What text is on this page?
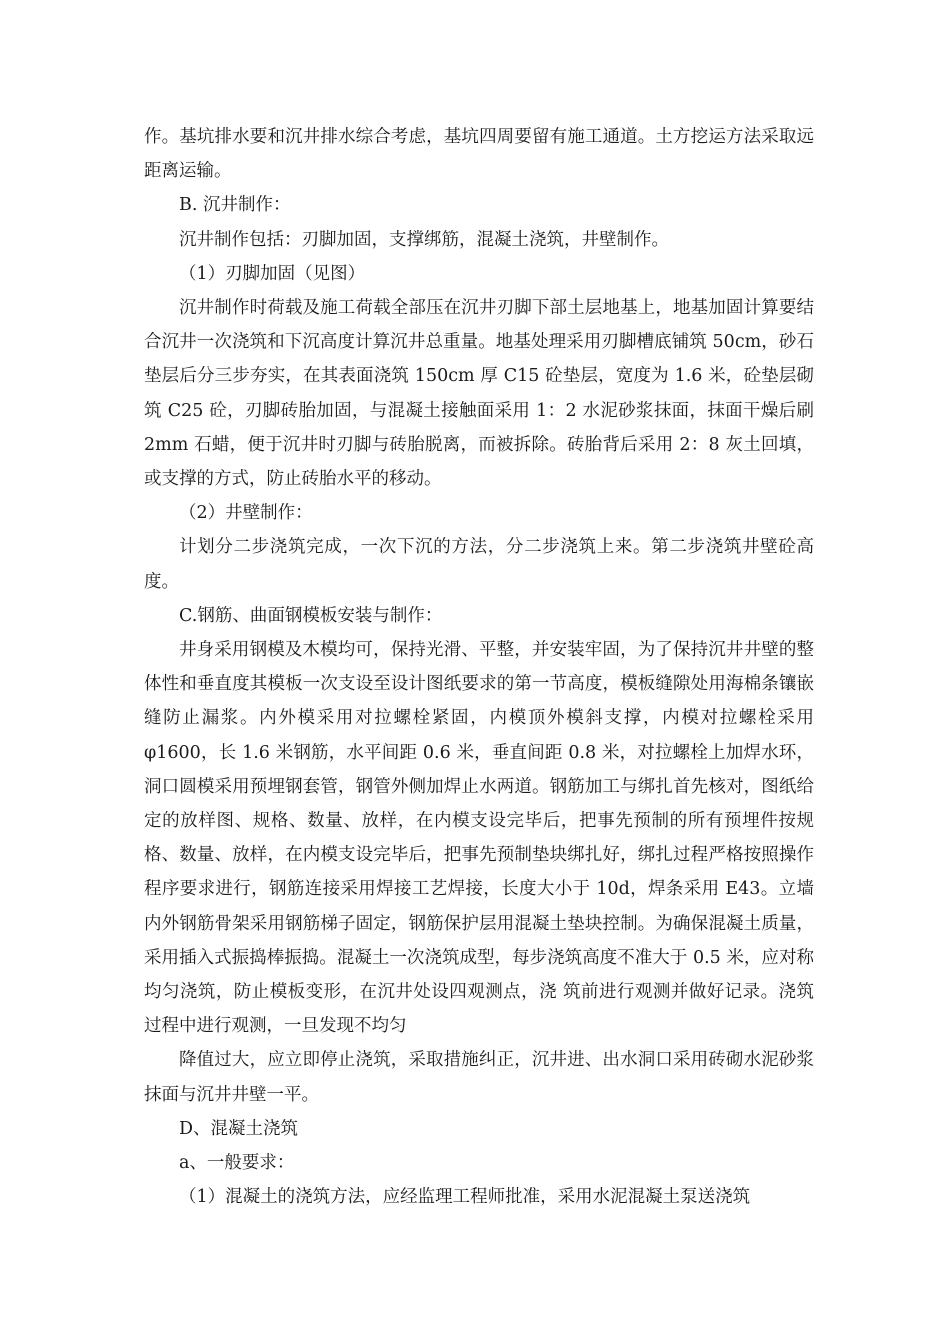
作。基坑排水要和沉井排水综合考虑，基坑四周要留有施工通道。土方挖运方法采取远距离运输。

B. 沉井制作：

沉井制作包括：刃脚加固，支撑绑筋，混凝土浇筑，井壁制作。

（1）刃脚加固（见图）

沉井制作时荷载及施工荷载全部压在沉井刃脚下部土层地基上，地基加固计算要结合沉井一次浇筑和下沉高度计算沉井总重量。地基处理采用刃脚槽底铺筑 50cm，砂石垫层后分三步夯实，在其表面浇筑 150cm 厚 C15 砼垫层，宽度为 1.6 米，砼垫层砌筑 C25 砼，刃脚砖胎加固，与混凝土接触面采用 1：2 水泥砂浆抹面，抹面干燥后刷 2mm 石蜡，便于沉井时刃脚与砖胎脱离，而被拆除。砖胎背后采用 2：8 灰土回填，或支撑的方式，防止砖胎水平的移动。

（2）井壁制作：

计划分二步浇筑完成，一次下沉的方法，分二步浇筑上来。第二步浇筑井壁砼高度。

C.钢筋、曲面钢模板安装与制作：

井身采用钢模及木模均可，保持光滑、平整，并安装牢固，为了保持沉井井壁的整体性和垂直度其模板一次支设至设计图纸要求的第一节高度，模板缝隙处用海棉条镶嵌缝防止漏浆。内外模采用对拉螺栓紧固，内模顶外模斜支撑，内模对拉螺栓采用 φ1600，长 1.6 米钢筋，水平间距 0.6 米，垂直间距 0.8 米，对拉螺栓上加焊水环，洞口圆模采用预埋钢套管，钢管外侧加焊止水两道。钢筋加工与绑扎首先核对，图纸给定的放样图、规格、数量、放样，在内模支设完毕后，把事先预制的所有预埋件按规格、数量、放样，在内模支设完毕后，把事先预制垫块绑扎好，绑扎过程严格按照操作程序要求进行，钢筋连接采用焊接工艺焊接，长度大小于 10d，焊条采用 E43。立墙内外钢筋骨架采用钢筋梯子固定，钢筋保护层用混凝土垫块控制。为确保混凝土质量，采用插入式振捣棒振捣。混凝土一次浇筑成型，每步浇筑高度不准大于 0.5 米，应对称均匀浇筑，防止模板变形，在沉井处设四观测点，浇 筑前进行观测并做好记录。浇筑过程中进行观测，一旦发现不均匀

降值过大，应立即停止浇筑，采取措施纠正，沉井进、出水洞口采用砖砌水泥砂浆抹面与沉井井壁一平。

D、混凝土浇筑

a、一般要求：

（1）混凝土的浇筑方法，应经监理工程师批准，采用水泥混凝土泵送浇筑
